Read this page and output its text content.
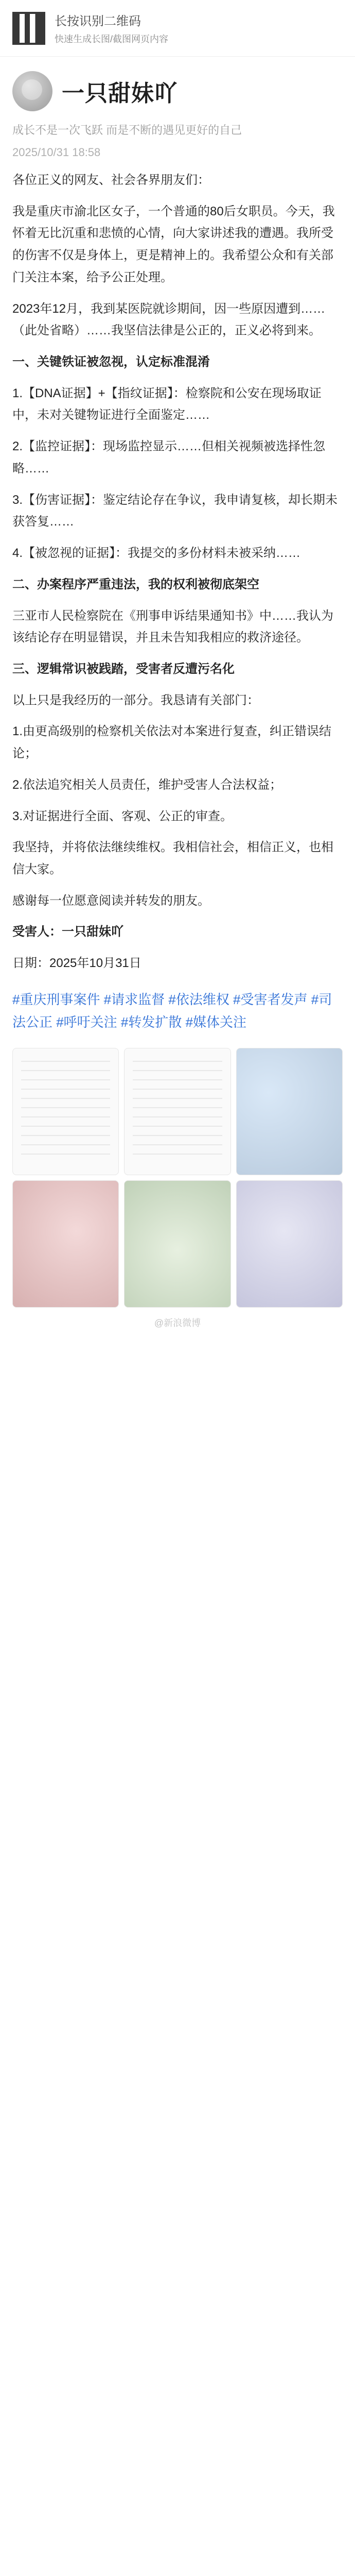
长按识别二维码
快速生成长图/截图网页内容
一只甜妹吖
成长不是一次飞跃 而是不断的遇见更好的自己
2025/10/31 18:58

各位正义的网友、社会各界朋友们：

我是重庆市渝北区女子，一个普通的80后女职员。今天，我怀着无比沉重和悲愤的心情，向大家讲述我的遭遇。我所受的伤害不仅是身体上，更是精神上的。我希望公众和有关部门关注本案，给予公正处理。

2023年12月，我到某医院就诊期间，因一些原因遭到……（此处省略）……我坚信法律是公正的，正义必将到来。

一、关键铁证被忽视，认定标准混淆

1.【DNA证据】+【指纹证据】：检察院和公安在现场取证中，未对关键物证进行全面鉴定……

2.【监控证据】：现场监控显示……但相关视频被选择性忽略……

3.【伤害证据】：鉴定结论存在争议，我申请复核，却长期未获答复……

4.【被忽视的证据】：我提交的多份材料未被采纳……

二、办案程序严重违法，我的权利被彻底架空

三亚市人民检察院在《刑事申诉结果通知书》中……我认为该结论存在明显错误，并且未告知我相应的救济途径。

三、逻辑常识被践踏，受害者反遭污名化

以上只是我经历的一部分。我恳请有关部门：

1.由更高级别的检察机关依法对本案进行复查，纠正错误结论；

2.依法追究相关人员责任，维护受害人合法权益；

3.对证据进行全面、客观、公正的审查。

我坚持，并将依法继续维权。我相信社会，相信正义，也相信大家。

感谢每一位愿意阅读并转发的朋友。

受害人：一只甜妹吖

日期：2025年10月31日

#重庆刑事案件 #请求监督 #依法维权 #受害者发声 #司法公正 #呼吁关注 #转发扩散 #媒体关注
@新浪微博
